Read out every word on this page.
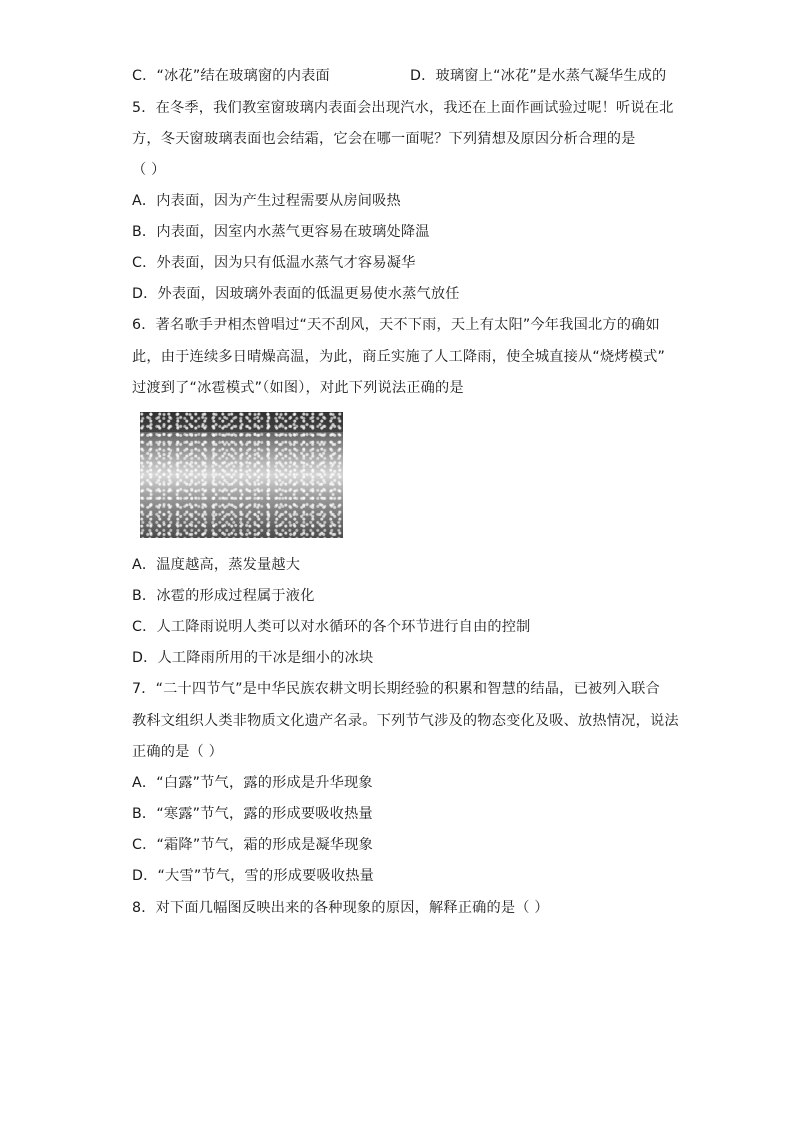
C．“冰花”结在玻璃窗的内表面	D．玻璃窗上“冰花”是水蒸气凝华生成的
5．在冬季，我们教室窗玻璃内表面会出现汽水，我还在上面作画试验过呢！听说在北
方，冬天窗玻璃表面也会结霜，它会在哪一面呢？下列猜想及原因分析合理的是
（ ）
A．内表面，因为产生过程需要从房间吸热
B．内表面，因室内水蒸气更容易在玻璃处降温
C．外表面，因为只有低温水蒸气才容易凝华
D．外表面，因玻璃外表面的低温更易使水蒸气放任
6．著名歌手尹相杰曾唱过“天不刮风，天不下雨，天上有太阳”今年我国北方的确如
此，由于连续多日晴燥高温，为此，商丘实施了人工降雨，使全城直接从“烧烤模式”
过渡到了“冰雹模式”（如图），对此下列说法正确的是
A．温度越高，蒸发量越大
B．冰雹的形成过程属于液化
C．人工降雨说明人类可以对水循环的各个环节进行自由的控制
D．人工降雨所用的干冰是细小的冰块
7．“二十四节气”是中华民族农耕文明长期经验的积累和智慧的结晶，已被列入联合
教科文组织人类非物质文化遗产名录。下列节气涉及的物态变化及吸、放热情况，说法
正确的是（ ）
A．“白露”节气，露的形成是升华现象
B．“寒露”节气，露的形成要吸收热量
C．“霜降”节气，霜的形成是凝华现象
D．“大雪”节气，雪的形成要吸收热量
8．对下面几幅图反映出来的各种现象的原因，解释正确的是（ ）
